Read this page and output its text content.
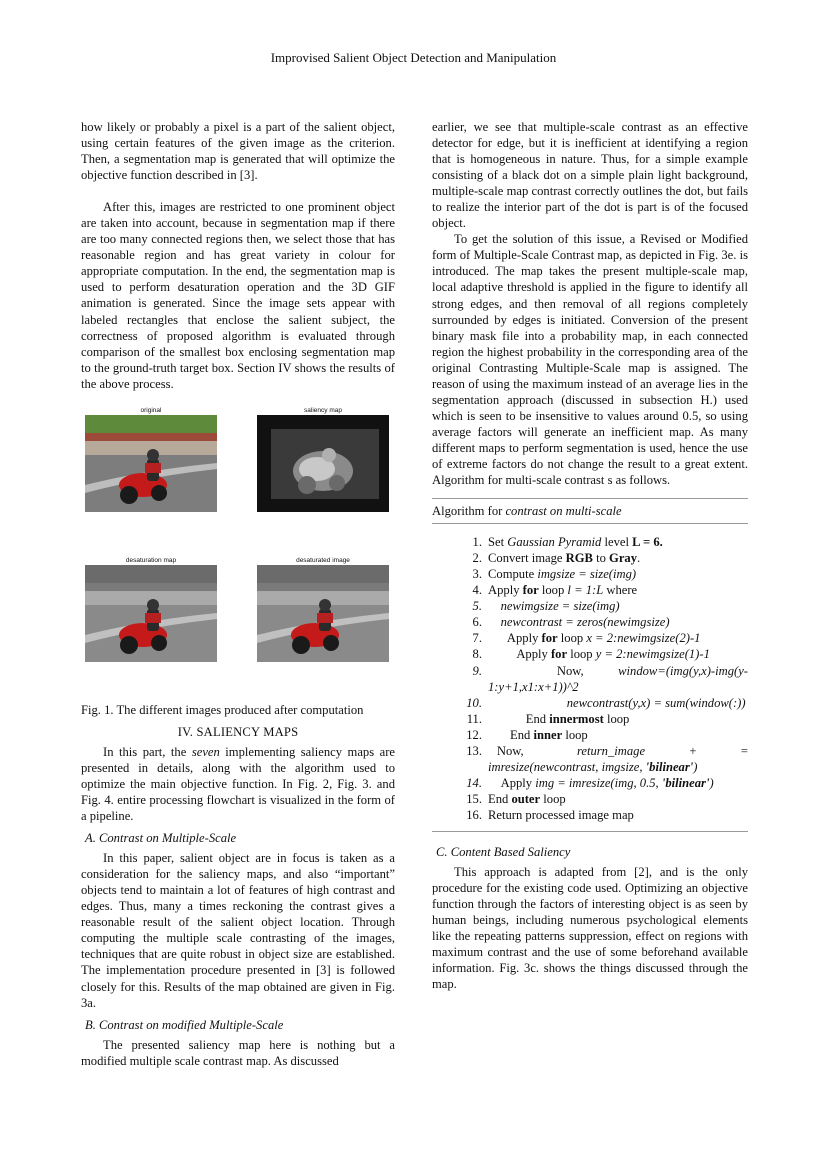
Improvised Salient Object Detection and Manipulation

how likely or probably a pixel is a part of the salient object, using certain features of the given image as the criterion. Then, a segmentation map is generated that will optimize the objective function described in [3].

After this, images are restricted to one prominent object are taken into account, because in segmentation map if there are too many connected regions then, we select those that has reasonable region and has great variety in colour for appropriate computation. In the end, the segmentation map is used to perform desaturation operation and the 3D GIF animation is generated. Since the image sets appear with labeled rectangles that enclose the salient subject, the correctness of proposed algorithm is evaluated through comparison of the smallest box enclosing segmentation map to the ground-truth target box. Section IV shows the results of the above process.

original	saliency map
desaturation map	desaturated image

Fig. 1. The different images produced after computation

IV. SALIENCY MAPS

In this part, the seven implementing saliency maps are presented in details, along with the algorithm used to optimize the main objective function. In Fig. 2, Fig. 3. and Fig. 4. entire processing flowchart is visualized in the form of a pipeline.

A. Contrast on Multiple-Scale

In this paper, salient object are in focus is taken as a consideration for the saliency maps, and also “important” objects tend to maintain a lot of features of high contrast and edges. Thus, many a times reckoning the contrast gives a reasonable result of the salient object location. Through computing the multiple scale contrasting of the images, techniques that are quite robust in object size are established. The implementation procedure presented in [3] is followed closely for this. Results of the map obtained are given in Fig. 3a.

B. Contrast on modified Multiple-Scale

The presented saliency map here is nothing but a modified multiple scale contrast map. As discussed

earlier, we see that multiple-scale contrast as an effective detector for edge, but it is inefficient at identifying a region that is homogeneous in nature. Thus, for a simple example consisting of a black dot on a simple plain light background, multiple-scale map contrast correctly outlines the dot, but fails to realize the interior part of the dot is part is of the focused object.

To get the solution of this issue, a Revised or Modified form of Multiple-Scale Contrast map, as depicted in Fig. 3e. is introduced. The map takes the present multiple-scale map, local adaptive threshold is applied in the figure to identify all strong edges, and then removal of all regions completely surrounded by edges is initiated. Conversion of the present binary mask file into a probability map, in each connected region the highest probability in the corresponding area of the original Contrasting Multiple-Scale map is assigned. The reason of using the maximum instead of an average lies in the segmentation approach (discussed in subsection H.) used which is seen to be insensitive to values around 0.5, so using average factors will generate an inefficient map. As many different maps to perform segmentation is used, hence the use of extreme factors do not change the result to a great extent. Algorithm for multi-scale contrast s as follows.

Algorithm for contrast on multi-scale
1. Set Gaussian Pyramid level L = 6.
2. Convert image RGB to Gray.
3. Compute imgsize = size(img)
4. Apply for loop l = 1:L where
5.	newimgsize = size(img)
6.	newcontrast = zeros(newimgsize)
7. Apply for loop x = 2:newimgsize(2)-1
8. Apply for loop y = 2:newimgsize(1)-1
9. Now,          window=(img(y,x)-img(y-1:y+1,x1:x+1))^2
10.	newcontrast(y,x) = sum(window(:))
11. End innermost loop
12. End inner loop
13. Now,            return_image          +          = imresize(newcontrast, imgsize, 'bilinear')
14. Apply img = imresize(img, 0.5, 'bilinear')
15. End outer loop
16. Return processed image map

C. Content Based Saliency

This approach is adapted from [2], and is the only procedure for the existing code used. Optimizing an objective function through the factors of interesting object is as seen by human beings, including numerous psychological elements like the repeating patterns suppression, effect on regions with maximum contrast and the use of some beforehand available information. Fig. 3c. shows the things discussed through the map.
